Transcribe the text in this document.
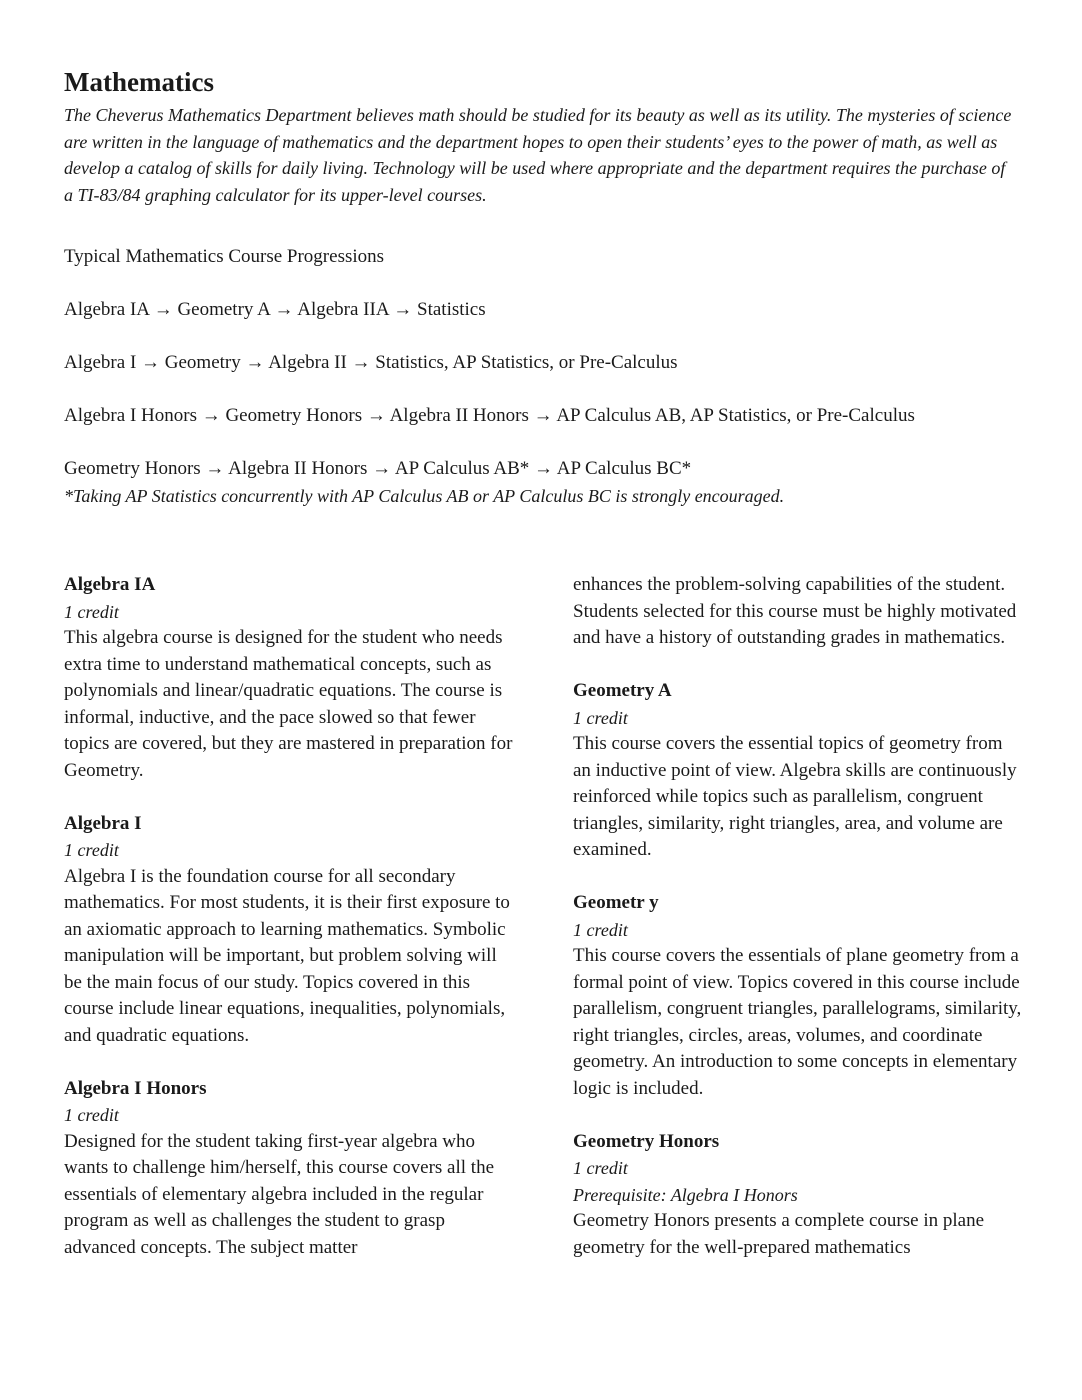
Mathematics

The Cheverus Mathematics Department believes math should be studied for its beauty as well as its utility. The mysteries of science are written in the language of mathematics and the department hopes to open their students’ eyes to the power of math, as well as develop a catalog of skills for daily living. Technology will be used where appropriate and the department requires the purchase of a TI-83/84 graphing calculator for its upper-level courses.

Typical Mathematics Course Progressions
Algebra IA → Geometry A → Algebra IIA → Statistics
Algebra I → Geometry → Algebra II → Statistics, AP Statistics, or Pre-Calculus
Algebra I Honors → Geometry Honors → Algebra II Honors → AP Calculus AB, AP Statistics, or Pre-Calculus
Geometry Honors → Algebra II Honors → AP Calculus AB* → AP Calculus BC*
*Taking AP Statistics concurrently with AP Calculus AB or AP Calculus BC is strongly encouraged.
Algebra IA
1 credit
This algebra course is designed for the student who needs extra time to understand mathematical concepts, such as polynomials and linear/quadratic equations. The course is informal, inductive, and the pace slowed so that fewer topics are covered, but they are mastered in preparation for Geometry.
Algebra I
1 credit
Algebra I is the foundation course for all secondary mathematics. For most students, it is their first exposure to an axiomatic approach to learning mathematics. Symbolic manipulation will be important, but problem solving will be the main focus of our study. Topics covered in this course include linear equations, inequalities, polynomials, and quadratic equations.
Algebra I Honors
1 credit
Designed for the student taking first-year algebra who wants to challenge him/herself, this course covers all the essentials of elementary algebra included in the regular program as well as challenges the student to grasp advanced concepts. The subject matter
enhances the problem-solving capabilities of the student. Students selected for this course must be highly motivated and have a history of outstanding grades in mathematics.
Geometry A
1 credit
This course covers the essential topics of geometry from an inductive point of view. Algebra skills are continuously reinforced while topics such as parallelism, congruent triangles, similarity, right triangles, area, and volume are examined.
Geometr y
1 credit
This course covers the essentials of plane geometry from a formal point of view. Topics covered in this course include parallelism, congruent triangles, parallelograms, similarity, right triangles, circles, areas, volumes, and coordinate geometry. An introduction to some concepts in elementary logic is included.
Geometry Honors
1 credit
Prerequisite: Algebra I Honors
Geometry Honors presents a complete course in plane geometry for the well-prepared mathematics
